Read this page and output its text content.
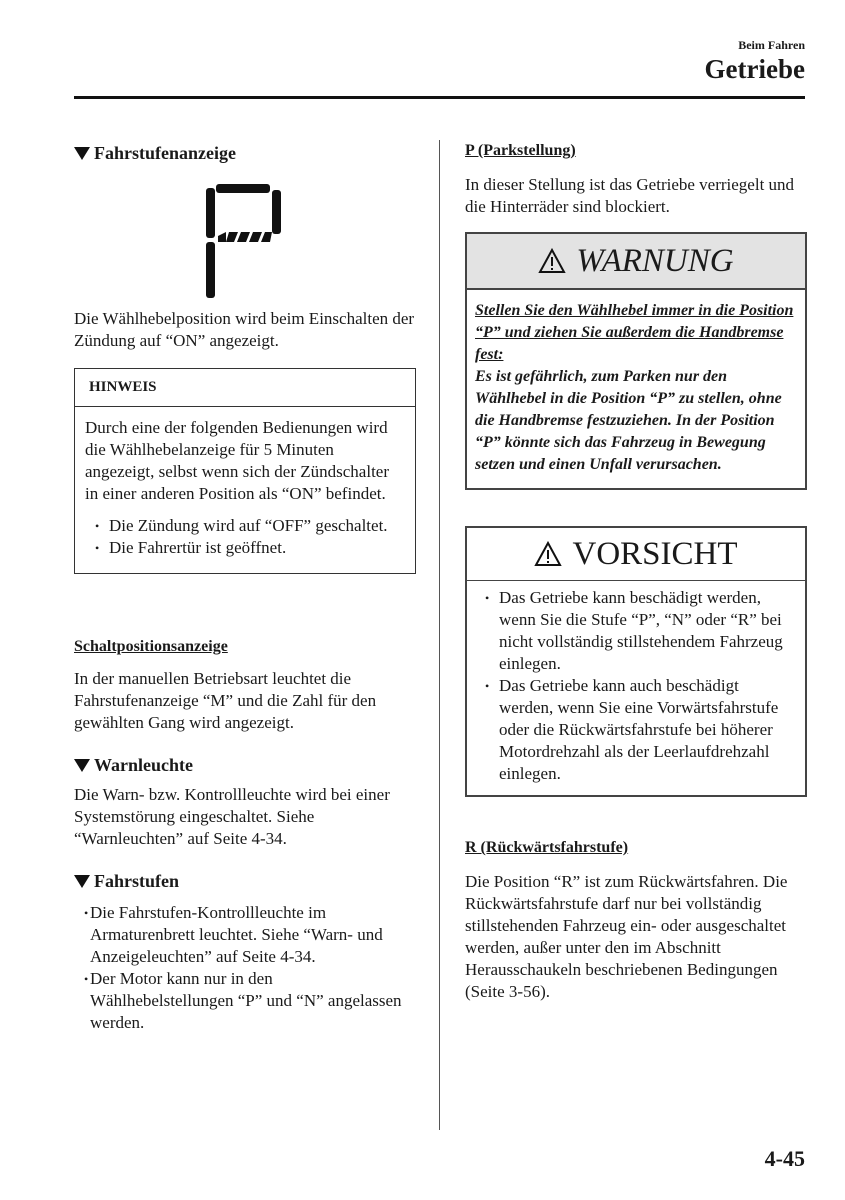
Beim Fahren
Getriebe
Fahrstufenanzeige

Die Wählhebelposition wird beim Einschalten der Zündung auf “ON” angezeigt.

HINWEIS

Durch eine der folgenden Bedienungen wird die Wählhebelanzeige für 5 Minuten angezeigt, selbst wenn sich der Zündschalter in einer anderen Position als “ON” befindet.

• Die Zündung wird auf “OFF” geschaltet.
• Die Fahrertür ist geöffnet.
Schaltpositionsanzeige

In der manuellen Betriebsart leuchtet die Fahrstufenanzeige “M” und die Zahl für den gewählten Gang wird angezeigt.

Warnleuchte

Die Warn- bzw. Kontrollleuchte wird bei einer Systemstörung eingeschaltet. Siehe “Warnleuchten” auf Seite 4-34.

Fahrstufen
• Die Fahrstufen-Kontrollleuchte im Armaturenbrett leuchtet. Siehe “Warn- und Anzeigeleuchten” auf Seite 4-34.
• Der Motor kann nur in den Wählhebelstellungen “P” und “N” angelassen werden.
P (Parkstellung)

In dieser Stellung ist das Getriebe verriegelt und die Hinterräder sind blockiert.

WARNUNG

Stellen Sie den Wählhebel immer in die Position “P” und ziehen Sie außerdem die Handbremse fest:

Es ist gefährlich, zum Parken nur den Wählhebel in die Position “P” zu stellen, ohne die Handbremse festzuziehen. In der Position “P” könnte sich das Fahrzeug in Bewegung setzen und einen Unfall verursachen.

VORSICHT
• Das Getriebe kann beschädigt werden, wenn Sie die Stufe “P”, “N” oder “R” bei nicht vollständig stillstehendem Fahrzeug einlegen.
• Das Getriebe kann auch beschädigt werden, wenn Sie eine Vorwärtsfahrstufe oder die Rückwärtsfahrstufe bei höherer Motordrehzahl als der Leerlaufdrehzahl einlegen.
R (Rückwärtsfahrstufe)

Die Position “R” ist zum Rückwärtsfahren. Die Rückwärtsfahrstufe darf nur bei vollständig stillstehenden Fahrzeug ein- oder ausgeschaltet werden, außer unter den im Abschnitt Herausschaukeln beschriebenen Bedingungen (Seite 3-56).

4-45
